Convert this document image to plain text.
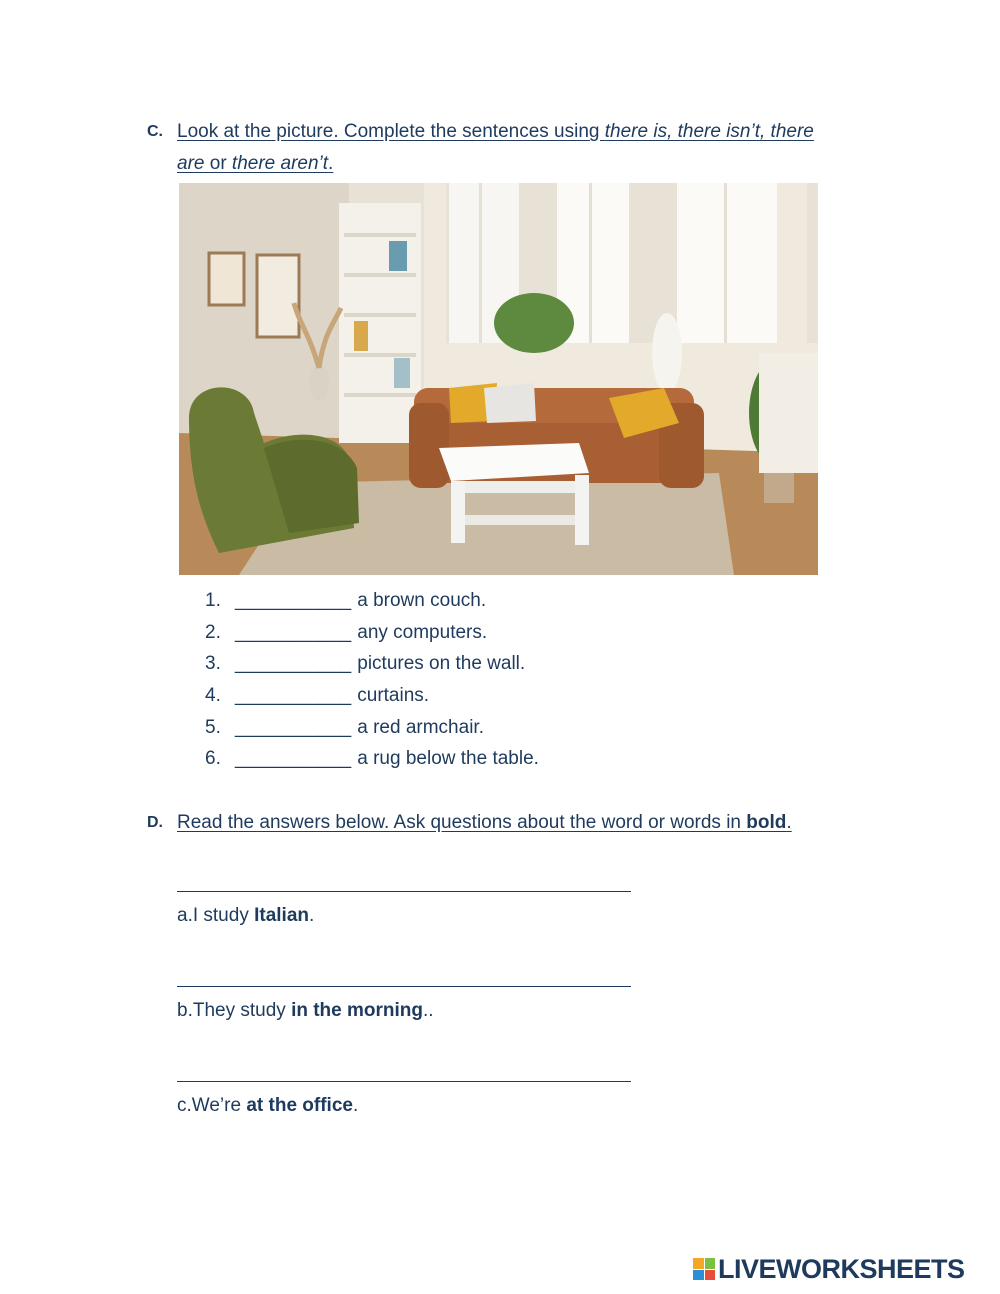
C. Look at the picture. Complete the sentences using there is, there isn’t, there
are or there aren’t.
1. ___________ a brown couch.
2. ___________ any computers.
3. ___________ pictures on the wall.
4. ___________ curtains.
5. ___________ a red armchair.
6. ___________ a rug below the table.
D. Read the answers below. Ask questions about the word or words in bold.
a.I study Italian.
b.They study in the morning..
c.We’re at the office.
LIVEWORKSHEETS
